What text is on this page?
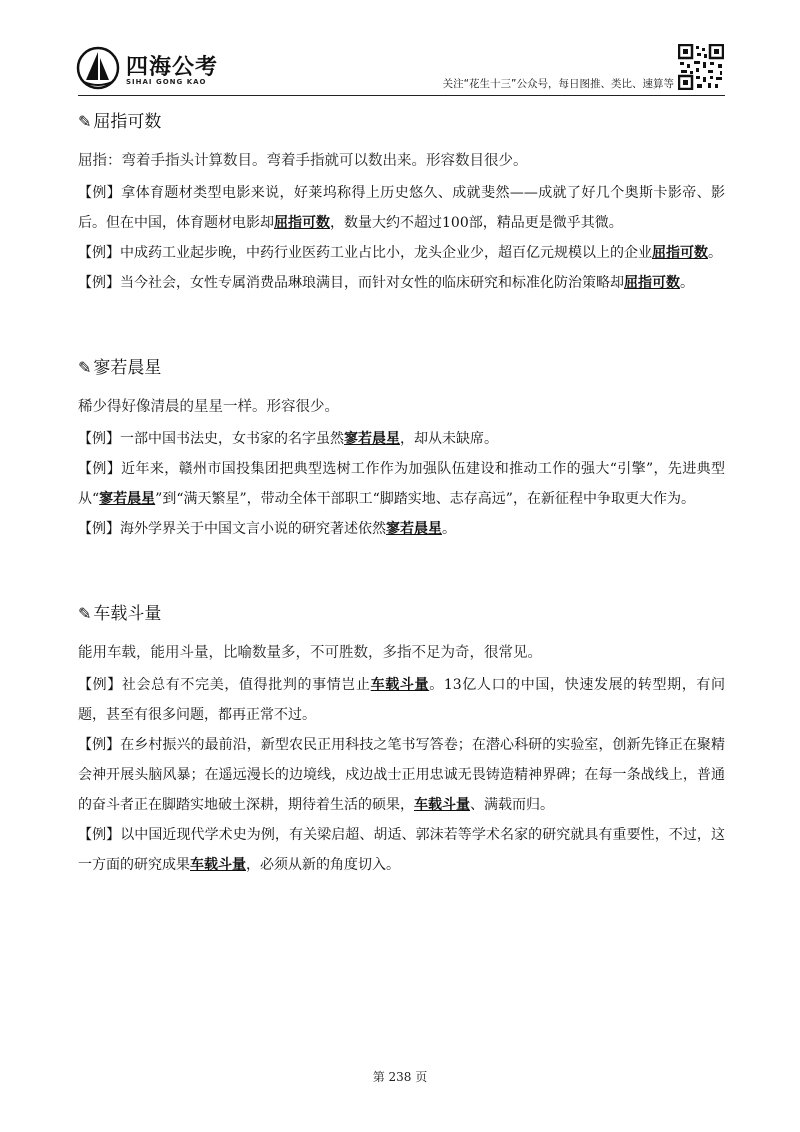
四海公考
SIHAI GONG KAO	关注“花生十三”公众号，每日图推、类比、速算等
✎ 屈指可数

屈指：弯着手指头计算数目。弯着手指就可以数出来。形容数目很少。

【例】拿体育题材类型电影来说，好莱坞称得上历史悠久、成就斐然——成就了好几个奥斯卡影帝、影后。但在中国，体育题材电影却屈指可数，数量大约不超过100部，精品更是微乎其微。

【例】中成药工业起步晚，中药行业医药工业占比小，龙头企业少，超百亿元规模以上的企业屈指可数。

【例】当今社会，女性专属消费品琳琅满目，而针对女性的临床研究和标准化防治策略却屈指可数。

✎ 寥若晨星

稀少得好像清晨的星星一样。形容很少。

【例】一部中国书法史，女书家的名字虽然寥若晨星，却从未缺席。

【例】近年来，赣州市国投集团把典型选树工作作为加强队伍建设和推动工作的强大“引擎”，先进典型从“寥若晨星”到“满天繁星”，带动全体干部职工“脚踏实地、志存高远”，在新征程中争取更大作为。

【例】海外学界关于中国文言小说的研究著述依然寥若晨星。

✎ 车载斗量

能用车载，能用斗量，比喻数量多，不可胜数，多指不足为奇，很常见。

【例】社会总有不完美，值得批判的事情岂止车载斗量。13亿人口的中国，快速发展的转型期，有问题，甚至有很多问题，都再正常不过。

【例】在乡村振兴的最前沿，新型农民正用科技之笔书写答卷；在潜心科研的实验室，创新先锋正在聚精会神开展头脑风暴；在遥远漫长的边境线，戍边战士正用忠诚无畏铸造精神界碑；在每一条战线上，普通的奋斗者正在脚踏实地破土深耕，期待着生活的硕果，车载斗量、满载而归。

【例】以中国近现代学术史为例，有关梁启超、胡适、郭沫若等学术名家的研究就具有重要性，不过，这一方面的研究成果车载斗量，必须从新的角度切入。

第 238 页
